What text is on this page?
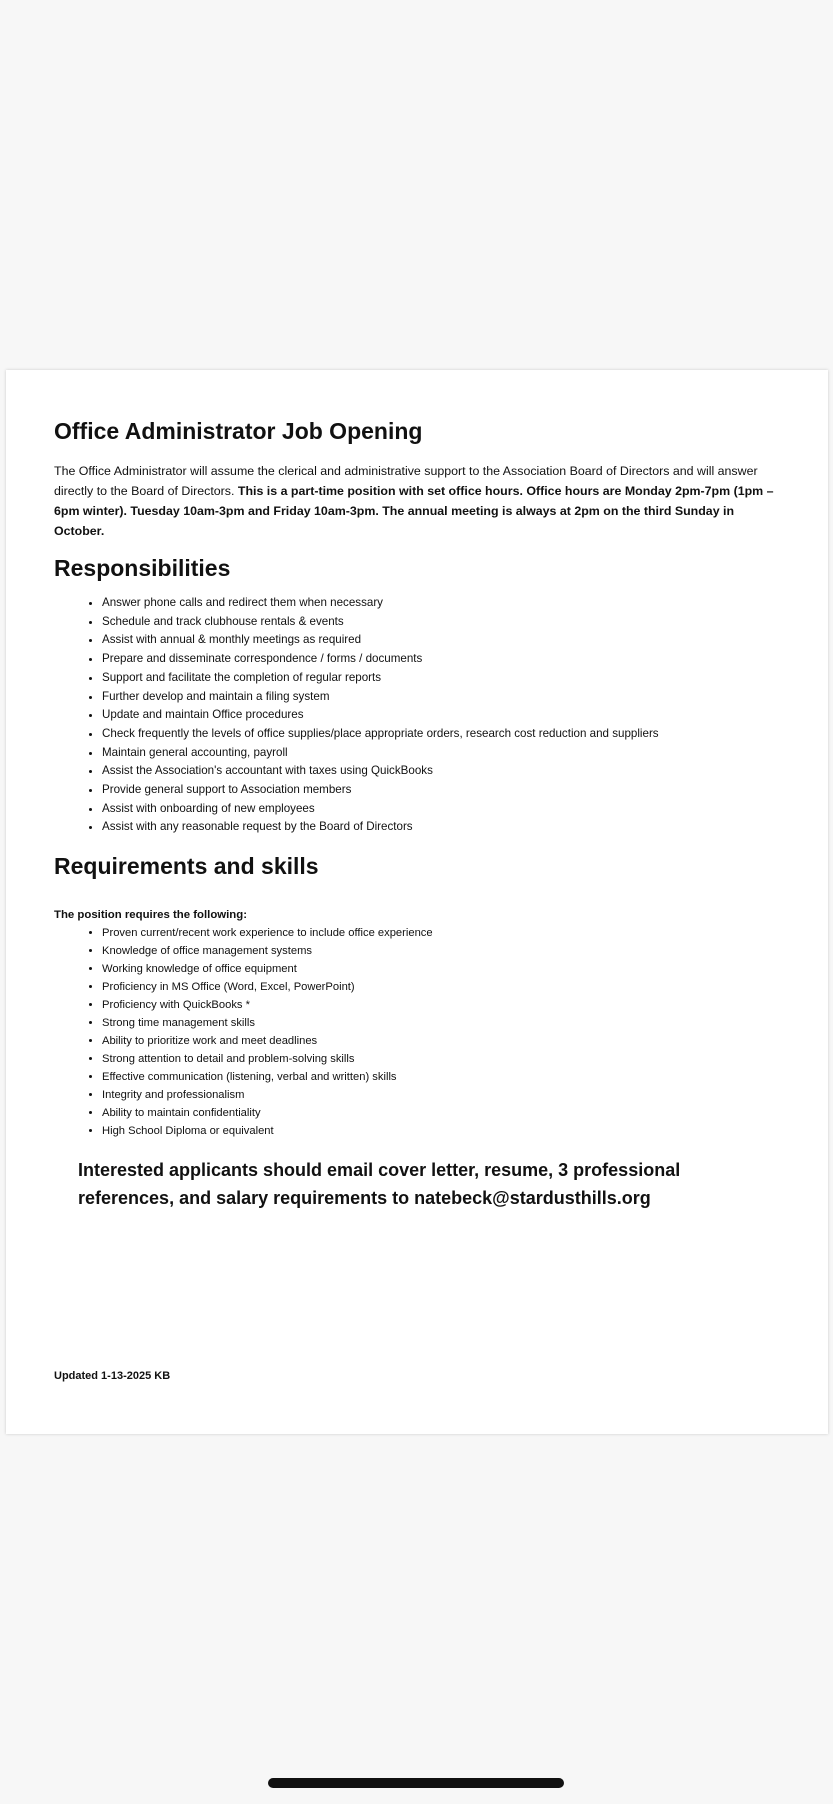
Office Administrator Job Opening

The Office Administrator will assume the clerical and administrative support to the Association Board of Directors and will answer directly to the Board of Directors. This is a part-time position with set office hours. Office hours are Monday 2pm-7pm (1pm – 6pm winter). Tuesday 10am-3pm and Friday 10am-3pm. The annual meeting is always at 2pm on the third Sunday in October.

Responsibilities
• Answer phone calls and redirect them when necessary
• Schedule and track clubhouse rentals & events
• Assist with annual & monthly meetings as required
• Prepare and disseminate correspondence / forms / documents
• Support and facilitate the completion of regular reports
• Further develop and maintain a filing system
• Update and maintain Office procedures
• Check frequently the levels of office supplies/place appropriate orders, research cost reduction and suppliers
• Maintain general accounting, payroll
• Assist the Association's accountant with taxes using QuickBooks
• Provide general support to Association members
• Assist with onboarding of new employees
• Assist with any reasonable request by the Board of Directors
Requirements and skills

The position requires the following:

• Proven current/recent work experience to include office experience
• Knowledge of office management systems
• Working knowledge of office equipment
• Proficiency in MS Office (Word, Excel, PowerPoint)
• Proficiency with QuickBooks *
• Strong time management skills
• Ability to prioritize work and meet deadlines
• Strong attention to detail and problem-solving skills
• Effective communication (listening, verbal and written) skills
• Integrity and professionalism
• Ability to maintain confidentiality
• High School Diploma or equivalent

Interested applicants should email cover letter, resume, 3 professional references, and salary requirements to natebeck@stardusthills.org

Updated 1-13-2025 KB
